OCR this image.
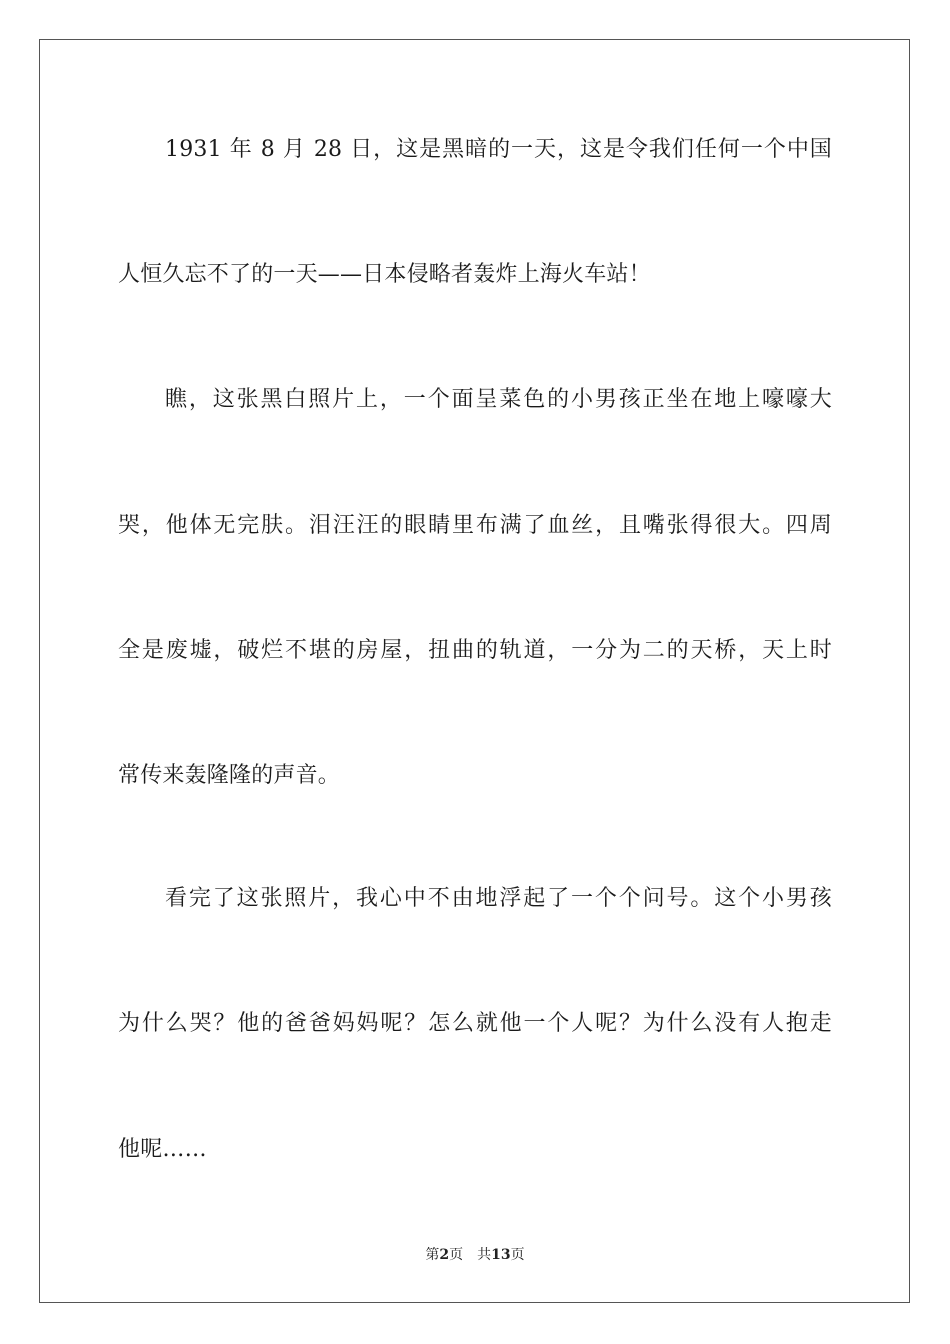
1931 年 8 月 28 日，这是黑暗的一天，这是令我们任何一个中国
人恒久忘不了的一天——日本侵略者轰炸上海火车站！
瞧，这张黑白照片上，一个面呈菜色的小男孩正坐在地上嚎嚎大
哭，他体无完肤。泪汪汪的眼睛里布满了血丝，且嘴张得很大。四周
全是废墟，破烂不堪的房屋，扭曲的轨道，一分为二的天桥，天上时
常传来轰隆隆的声音。
看完了这张照片，我心中不由地浮起了一个个问号。这个小男孩
为什么哭？他的爸爸妈妈呢？怎么就他一个人呢？为什么没有人抱走
他呢……
第2页 共13页
